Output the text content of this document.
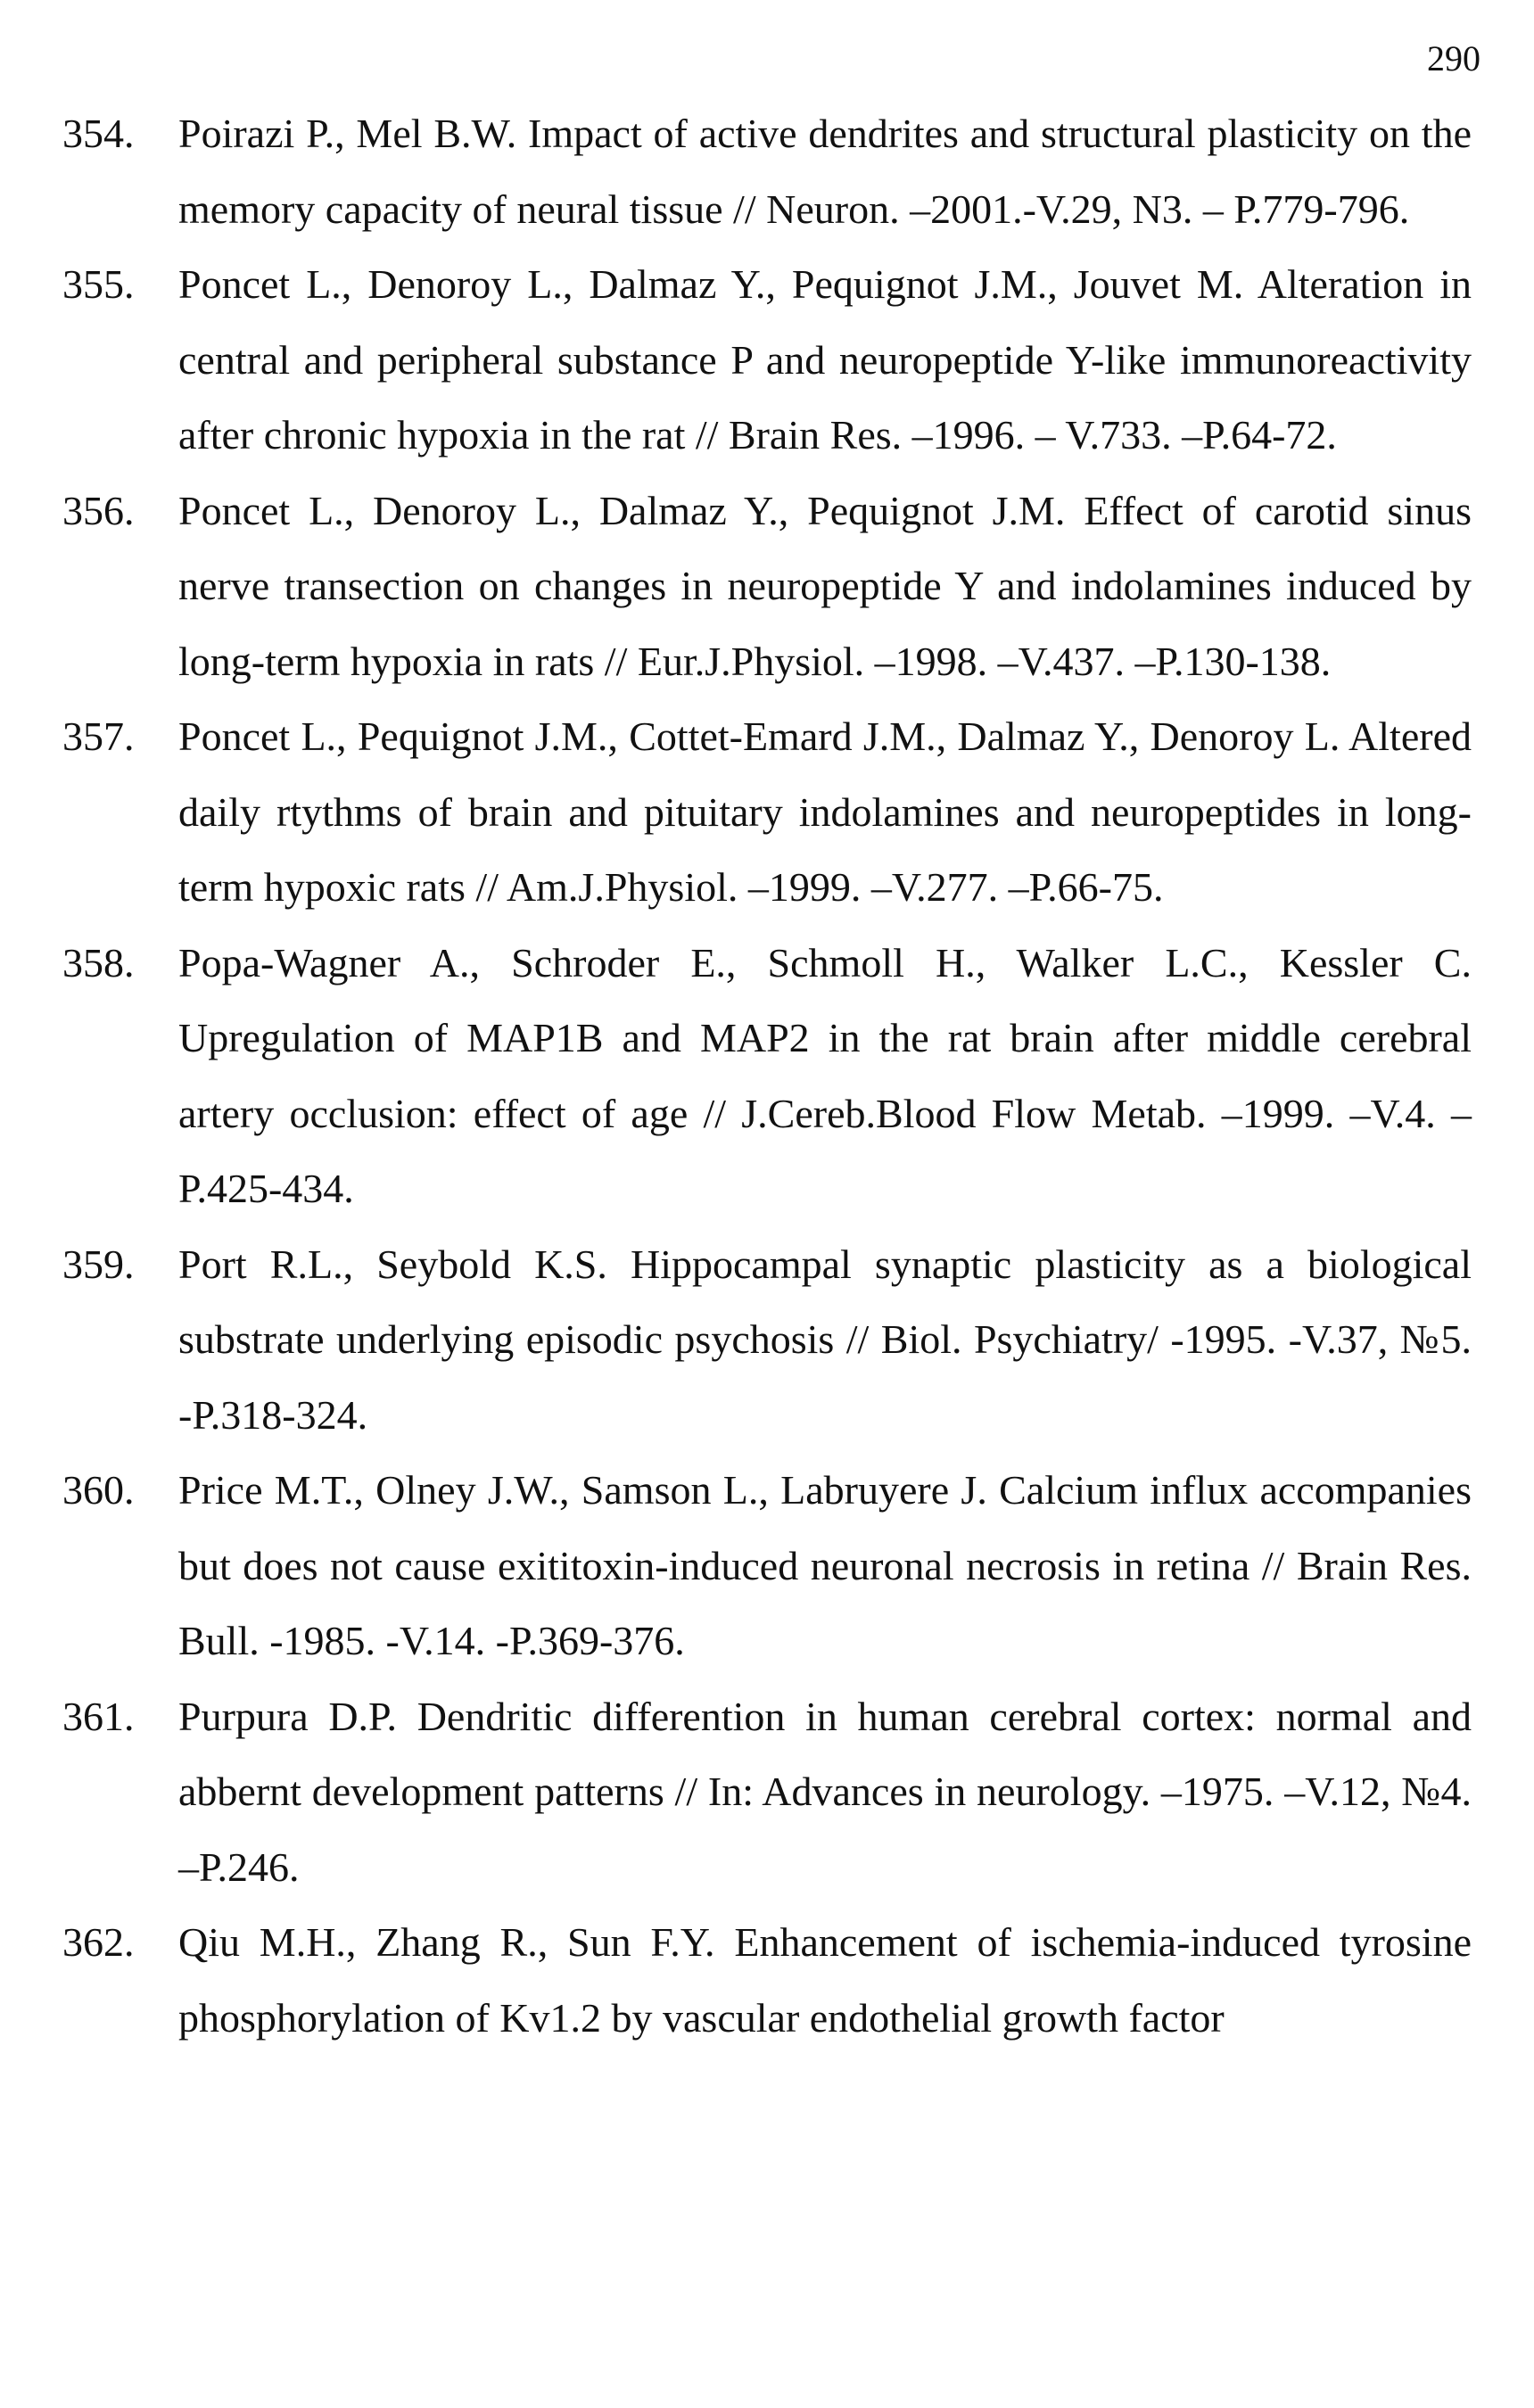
290
354.	Poirazi P., Mel B.W. Impact of active dendrites and structural plasticity on the memory capacity of neural tissue // Neuron. –2001.-V.29, N3. – P.779-796.
355.	Poncet L., Denoroy L., Dalmaz Y., Pequignot J.M., Jouvet M. Alteration in central and peripheral substance P and neuropeptide Y-like immunoreactivity after chronic hypoxia in the rat // Brain Res. –1996. – V.733. –P.64-72.
356.	Poncet L., Denoroy L., Dalmaz Y., Pequignot J.M. Effect of carotid sinus nerve transection on changes in neuropeptide Y and indolamines induced by long-term hypoxia in rats // Eur.J.Physiol. –1998. –V.437. –P.130-138.
357.	Poncet L., Pequignot J.M., Cottet-Emard J.M., Dalmaz Y., Denoroy L. Altered daily rtythms of brain and pituitary indolamines and neuropeptides in long-term hypoxic rats // Am.J.Physiol. –1999. –V.277. –P.66-75.
358.	Popa-Wagner A., Schroder E., Schmoll H., Walker L.C., Kessler C. Upregulation of MAP1B and MAP2 in the rat brain after middle cerebral artery occlusion: effect of age // J.Cereb.Blood Flow Metab. –1999. –V.4. –P.425-434.
359.	Port R.L., Seybold K.S. Hippocampal synaptic plasticity as a biological substrate underlying episodic psychosis // Biol. Psychiatry/ -1995. -V.37, №5. -P.318-324.
360.	Price M.T., Olney J.W., Samson L., Labruyere J. Calcium influx accompanies but does not cause exititoxin-induced neuronal necrosis in retina // Brain Res. Bull. -1985. -V.14. -P.369-376.
361.	Purpura D.P. Dendritic differention in human cerebral cortex: normal and abbernt development patterns // In: Advances in neurology. –1975. –V.12, №4. –P.246.
362.	Qiu M.H., Zhang R., Sun F.Y. Enhancement of ischemia-induced tyrosine phosphorylation of Kv1.2 by vascular endothelial growth factor
